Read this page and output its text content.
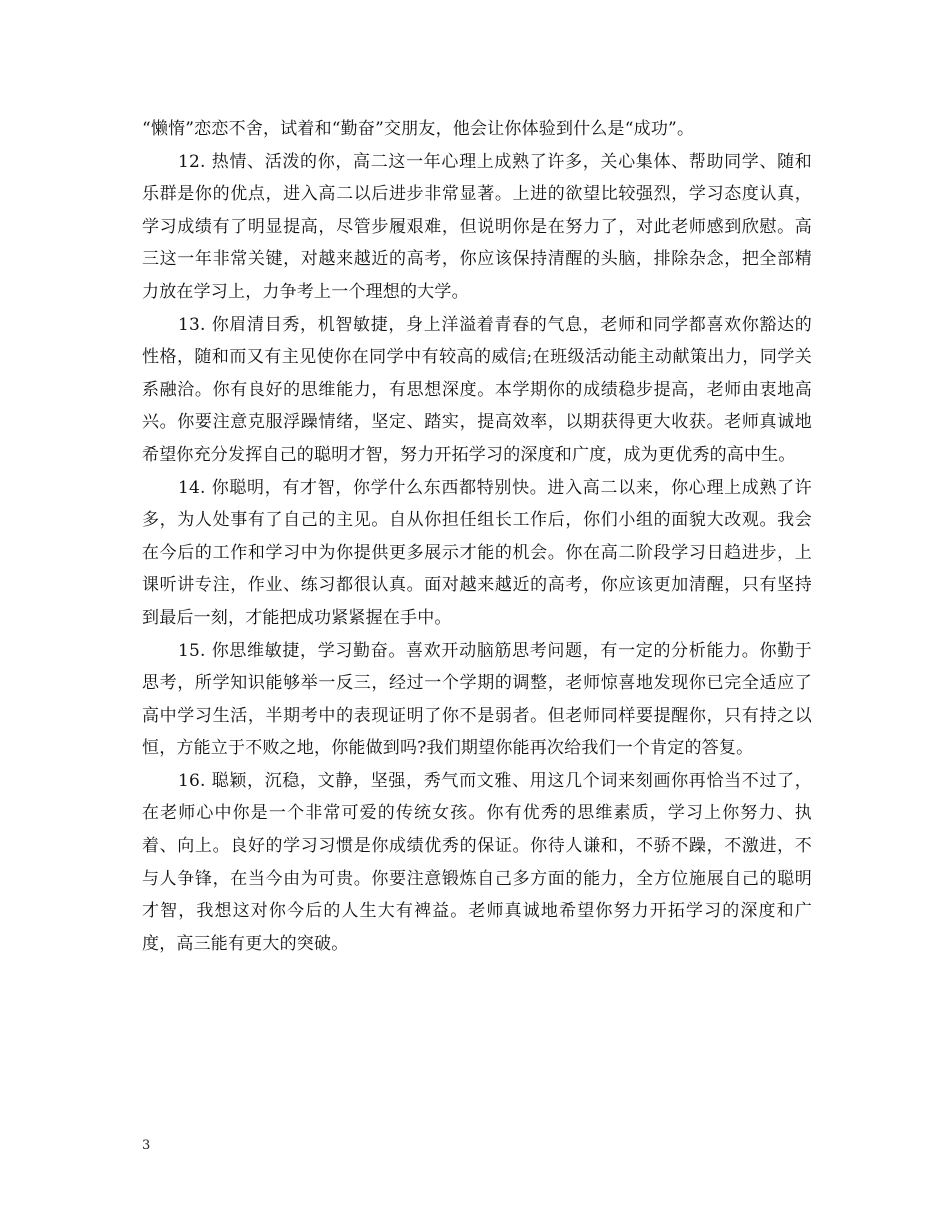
“懒惰”恋恋不舍，试着和“勤奋”交朋友，他会让你体验到什么是“成功”。

12. 热情、活泼的你，高二这一年心理上成熟了许多，关心集体、帮助同学、随和乐群是你的优点，进入高二以后进步非常显著。上进的欲望比较强烈，学习态度认真，学习成绩有了明显提高，尽管步履艰难，但说明你是在努力了，对此老师感到欣慰。高三这一年非常关键，对越来越近的高考，你应该保持清醒的头脑，排除杂念，把全部精力放在学习上，力争考上一个理想的大学。

13. 你眉清目秀，机智敏捷，身上洋溢着青春的气息，老师和同学都喜欢你豁达的性格，随和而又有主见使你在同学中有较高的威信;在班级活动能主动献策出力，同学关系融洽。你有良好的思维能力，有思想深度。本学期你的成绩稳步提高，老师由衷地高兴。你要注意克服浮躁情绪，坚定、踏实，提高效率，以期获得更大收获。老师真诚地希望你充分发挥自己的聪明才智，努力开拓学习的深度和广度，成为更优秀的高中生。

14. 你聪明，有才智，你学什么东西都特别快。进入高二以来，你心理上成熟了许多，为人处事有了自己的主见。自从你担任组长工作后，你们小组的面貌大改观。我会在今后的工作和学习中为你提供更多展示才能的机会。你在高二阶段学习日趋进步，上课听讲专注，作业、练习都很认真。面对越来越近的高考，你应该更加清醒，只有坚持到最后一刻，才能把成功紧紧握在手中。

15. 你思维敏捷，学习勤奋。喜欢开动脑筋思考问题，有一定的分析能力。你勤于思考，所学知识能够举一反三，经过一个学期的调整，老师惊喜地发现你已完全适应了高中学习生活，半期考中的表现证明了你不是弱者。但老师同样要提醒你，只有持之以恒，方能立于不败之地，你能做到吗?我们期望你能再次给我们一个肯定的答复。

16. 聪颖，沉稳，文静，坚强，秀气而文雅、用这几个词来刻画你再恰当不过了，在老师心中你是一个非常可爱的传统女孩。你有优秀的思维素质，学习上你努力、执着、向上。良好的学习习惯是你成绩优秀的保证。你待人谦和，不骄不躁，不激进，不与人争锋，在当今由为可贵。你要注意锻炼自己多方面的能力，全方位施展自己的聪明才智，我想这对你今后的人生大有裨益。老师真诚地希望你努力开拓学习的深度和广度，高三能有更大的突破。

3
